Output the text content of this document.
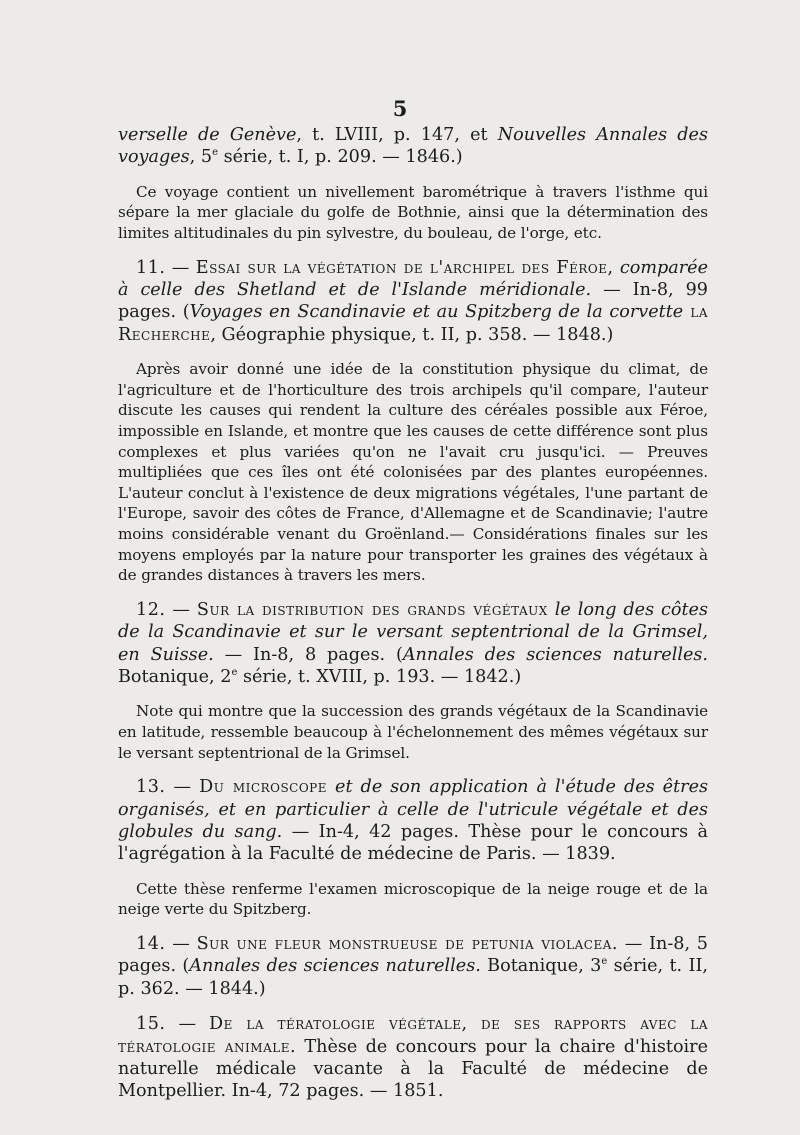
5

verselle de Genève, t. LVIII, p. 147, et Nouvelles Annales des voyages, 5e série, t. I, p. 209. — 1846.)

Ce voyage contient un nivellement barométrique à travers l'isthme qui sépare la mer glaciale du golfe de Bothnie, ainsi que la détermination des limites altitudinales du pin sylvestre, du bouleau, de l'orge, etc.

11. — Essai sur la végétation de l'archipel des Féroe, comparée à celle des Shetland et de l'Islande méridionale. — In-8, 99 pages. (Voyages en Scandinavie et au Spitzberg de la corvette la Recherche, Géographie physique, t. II, p. 358. — 1848.)

Après avoir donné une idée de la constitution physique du climat, de l'agriculture et de l'horticulture des trois archipels qu'il compare, l'auteur discute les causes qui rendent la culture des céréales possible aux Féroe, impossible en Islande, et montre que les causes de cette différence sont plus complexes et plus variées qu'on ne l'avait cru jusqu'ici. — Preuves multipliées que ces îles ont été colonisées par des plantes européennes. L'auteur conclut à l'existence de deux migrations végétales, l'une partant de l'Europe, savoir des côtes de France, d'Allemagne et de Scandinavie; l'autre moins considérable venant du Groënland.— Considérations finales sur les moyens employés par la nature pour transporter les graines des végétaux à de grandes distances à travers les mers.

12. — Sur la distribution des grands végétaux le long des côtes de la Scandinavie et sur le versant septentrional de la Grimsel, en Suisse. — In-8, 8 pages. (Annales des sciences naturelles. Botanique, 2e série, t. XVIII, p. 193. — 1842.)

Note qui montre que la succession des grands végétaux de la Scandinavie en latitude, ressemble beaucoup à l'échelonnement des mêmes végétaux sur le versant septentrional de la Grimsel.

13. — Du microscope et de son application à l'étude des êtres organisés, et en particulier à celle de l'utricule végétale et des globules du sang. — In-4, 42 pages. Thèse pour le concours à l'agrégation à la Faculté de médecine de Paris. — 1839.

Cette thèse renferme l'examen microscopique de la neige rouge et de la neige verte du Spitzberg.

14. — Sur une fleur monstrueuse de petunia violacea. — In-8, 5 pages. (Annales des sciences naturelles. Botanique, 3e série, t. II, p. 362. — 1844.)

15. — De la tératologie végétale, de ses rapports avec la tératologie animale. Thèse de concours pour la chaire d'histoire naturelle médicale vacante à la Faculté de médecine de Montpellier. In-4, 72 pages. — 1851.
